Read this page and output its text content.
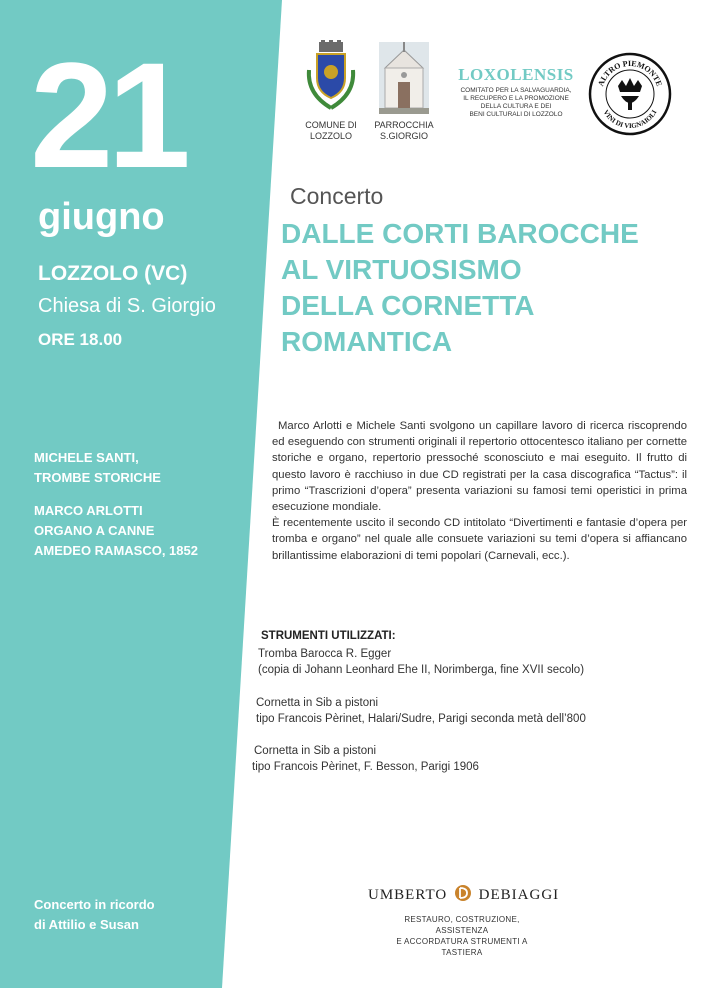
21
giugno
LOZZOLO (VC)
Chiesa di S. Giorgio
ORE 18.00
MICHELE SANTI,
TROMBE STORICHE
MARCO ARLOTTI
ORGANO A CANNE
AMEDEO RAMASCO, 1852
Concerto in ricordo
di Attilio e Susan
COMUNE DI
LOZZOLO
PARROCCHIA
S.GIORGIO
LOXOLENSIS
COMITATO PER LA SALVAGUARDIA,
IL RECUPERO E LA PROMOZIONE
DELLA CULTURA E DEI
BENI CULTURALI DI LOZZOLO
ALTRO PIEMONTE
VINI DI VIGNAIOLI
Concerto
DALLE CORTI BAROCCHE
AL VIRTUOSISMO
DELLA CORNETTA
ROMANTICA
Marco Arlotti e Michele Santi svolgono un capillare lavoro di ricerca riscoprendo ed eseguendo con strumenti originali il repertorio ottocentesco italiano per cornette storiche e organo, repertorio pressoché sconosciuto e mai eseguito. Il frutto di questo lavoro è racchiuso in due CD registrati per la casa discografica “Tactus”: il primo “Trascrizioni d’opera” presenta variazioni su famosi temi operistici in prima esecuzione mondiale.
È recentemente uscito il secondo CD intitolato “Divertimenti e fantasie d’opera per tromba e organo” nel quale alle consuete variazioni su temi d’opera si affiancano brillantissime elaborazioni di temi popolari (Carnevali, ecc.).
STRUMENTI UTILIZZATI:
Tromba Barocca R. Egger
(copia di Johann Leonhard Ehe II, Norimberga, fine XVII secolo)
Cornetta in Sib a pistoni
tipo Francois Pèrinet, Halari/Sudre, Parigi seconda metà dell’800
Cornetta in Sib a pistoni
tipo Francois Pèrinet, F. Besson, Parigi 1906
UMBERTO DEBIAGGI
RESTAURO, COSTRUZIONE, ASSISTENZA
E ACCORDATURA STRUMENTI A TASTIERA
